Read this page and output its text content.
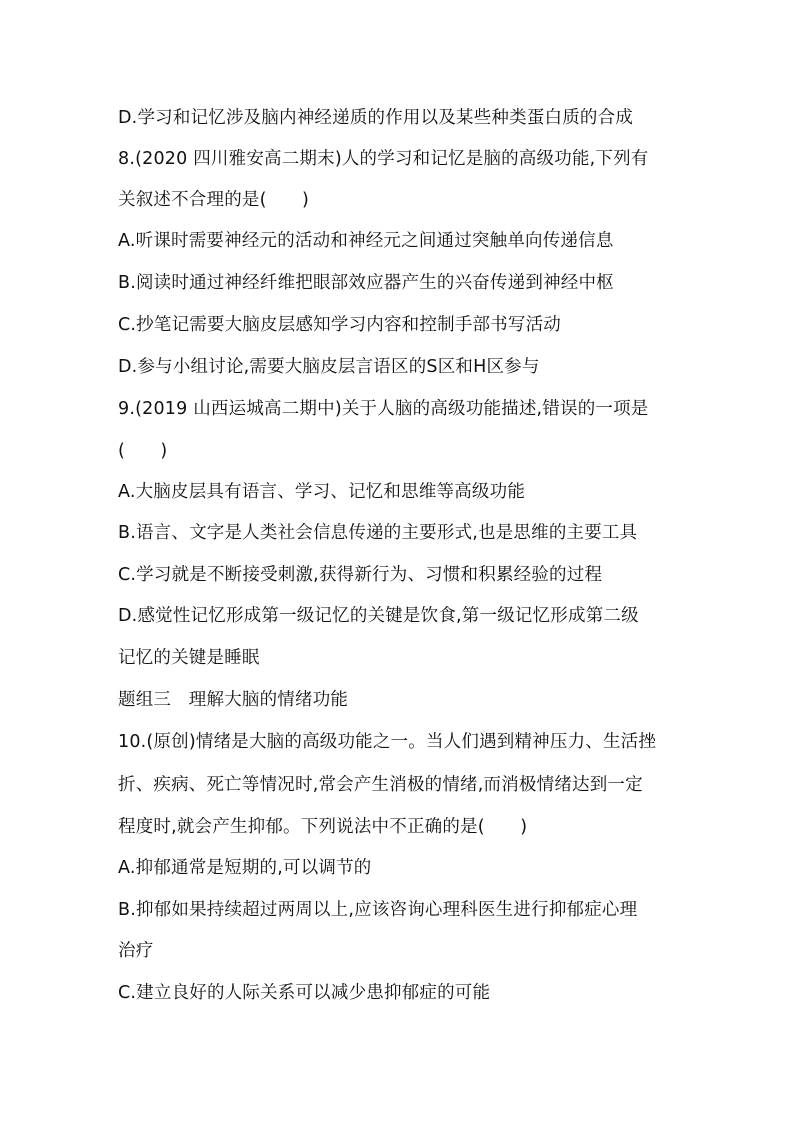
D.学习和记忆涉及脑内神经递质的作用以及某些种类蛋白质的合成
8.(2020 四川雅安高二期末)人的学习和记忆是脑的高级功能,下列有
关叙述不合理的是(　　)
A.听课时需要神经元的活动和神经元之间通过突触单向传递信息
B.阅读时通过神经纤维把眼部效应器产生的兴奋传递到神经中枢
C.抄笔记需要大脑皮层感知学习内容和控制手部书写活动
D.参与小组讨论,需要大脑皮层言语区的S区和H区参与
9.(2019 山西运城高二期中)关于人脑的高级功能描述,错误的一项是
(　　)
A.大脑皮层具有语言、学习、记忆和思维等高级功能
B.语言、文字是人类社会信息传递的主要形式,也是思维的主要工具
C.学习就是不断接受刺激,获得新行为、习惯和积累经验的过程
D.感觉性记忆形成第一级记忆的关键是饮食,第一级记忆形成第二级
记忆的关键是睡眠
题组三　理解大脑的情绪功能
10.(原创)情绪是大脑的高级功能之一。当人们遇到精神压力、生活挫
折、疾病、死亡等情况时,常会产生消极的情绪,而消极情绪达到一定
程度时,就会产生抑郁。下列说法中不正确的是(　　)
A.抑郁通常是短期的,可以调节的
B.抑郁如果持续超过两周以上,应该咨询心理科医生进行抑郁症心理
治疗
C.建立良好的人际关系可以减少患抑郁症的可能
